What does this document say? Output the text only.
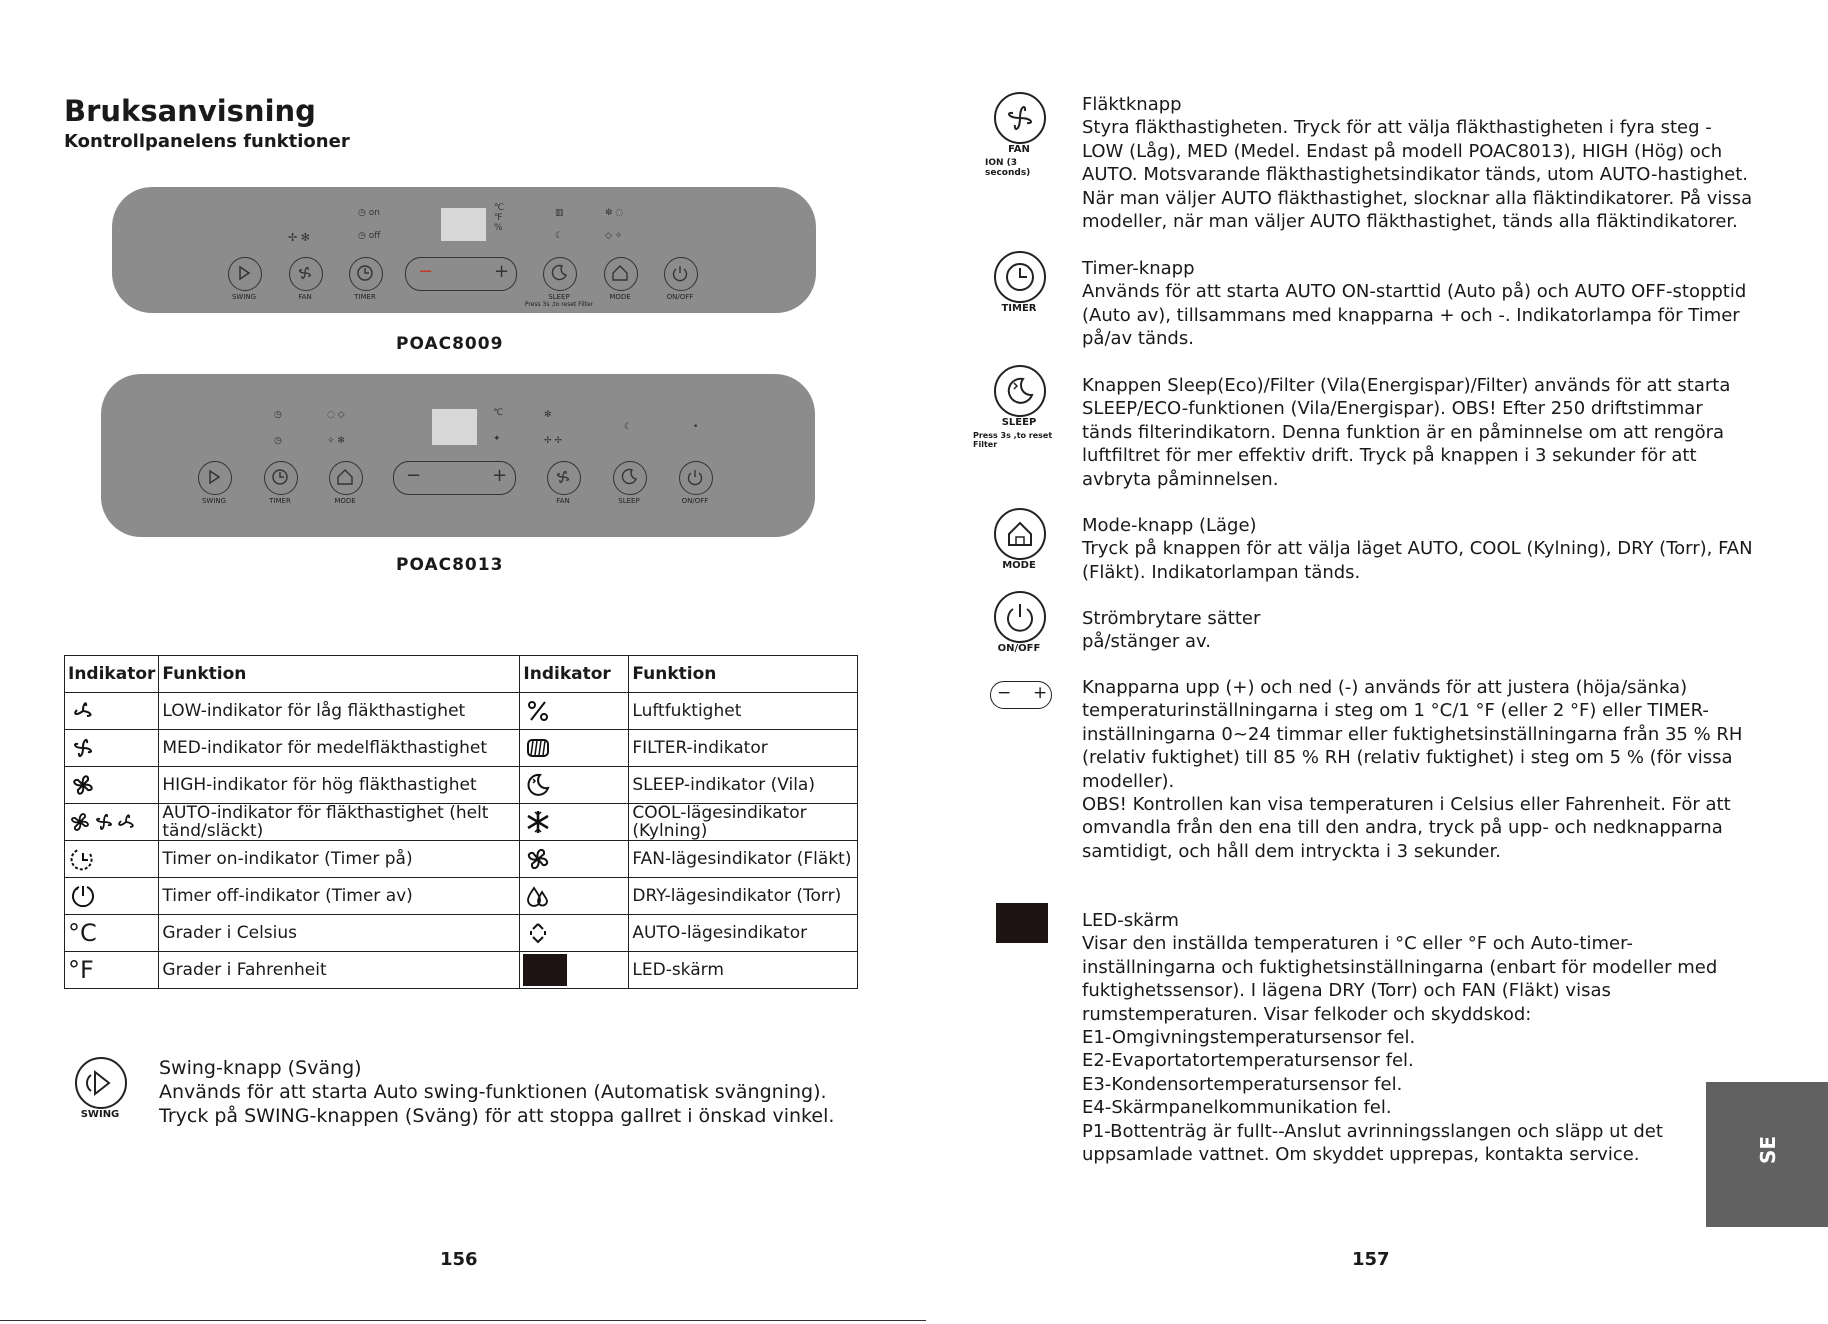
Bruksanvisning
Kontrollpanelens funktioner
◷ on
◷ off
✢ ✻
℃
℉
%
▥
☾
✼ ◌
◇ ✧
SWING	FAN	TIMER
−	+
SLEEP
Press 3s ,to reset Filter
MODE	ON/OFF
POAC8009
◷
◷
◌ ◇
✧ ✻
℃
✦
✻
✢ ✢
☾	•
SWING	TIMER	MODE
−	+
FAN	SLEEP	ON/OFF
POAC8013
Indikator	Funktion	Indikator	Funktion

	LOW-indikator för låg fläkthastighet		Luftfuktighet

	MED-indikator för medelfläkthastighet		FILTER-indikator

	HIGH-indikator för hög fläkthastighet		SLEEP-indikator (Vila)

	AUTO-indikator för fläkthastighet (helt tänd/släckt)		COOL-lägesindikator (Kylning)

	Timer on-indikator (Timer på)		FAN-lägesindikator (Fläkt)

	Timer off-indikator (Timer av)		DRY-lägesindikator (Torr)
°C	Grader i Celsius		AUTO-lägesindikator
°F	Grader i Fahrenheit		LED-skärm
SWING
Swing-knapp (Sväng)
Används för att starta Auto swing-funktionen (Automatisk svängning).
Tryck på SWING-knappen (Sväng) för att stoppa gallret i önskad vinkel.
156
FAN
ION (3 seconds)
Fläktknapp
Styra fläkthastigheten. Tryck för att välja fläkthastigheten i fyra steg -
LOW (Låg), MED (Medel. Endast på modell POAC8013), HIGH (Hög) och
AUTO. Motsvarande fläkthastighetsindikator tänds, utom AUTO-hastighet.
När man väljer AUTO fläkthastighet, slocknar alla fläktindikatorer. På vissa
modeller, när man väljer AUTO fläkthastighet, tänds alla fläktindikatorer.
TIMER
Timer-knapp
Används för att starta AUTO ON-starttid (Auto på) och AUTO OFF-stopptid
(Auto av), tillsammans med knapparna + och -. Indikatorlampa för Timer
på/av tänds.
SLEEP
Press 3s ,to reset Filter
Knappen Sleep(Eco)/Filter (Vila(Energispar)/Filter) används för att starta
SLEEP/ECO-funktionen (Vila/Energispar). OBS! Efter 250 driftstimmar
tänds filterindikatorn. Denna funktion är en påminnelse om att rengöra
luftfiltret för mer effektiv drift. Tryck på knappen i 3 sekunder för att
avbryta påminnelsen.
MODE
Mode-knapp (Läge)
Tryck på knappen för att välja läget AUTO, COOL (Kylning), DRY (Torr), FAN
(Fläkt). Indikatorlampan tänds.
ON/OFF
Strömbrytare sätter
på/stänger av.
− + Knapparna upp (+) och ned (-) används för att justera (höja/sänka)
temperaturinställningarna i steg om 1 °C/1 °F (eller 2 °F) eller TIMER-
inställningarna 0~24 timmar eller fuktighetsinställningarna från 35 % RH
(relativ fuktighet) till 85 % RH (relativ fuktighet) i steg om 5 % (för vissa
modeller).
OBS! Kontrollen kan visa temperaturen i Celsius eller Fahrenheit. För att
omvandla från den ena till den andra, tryck på upp- och nedknapparna
samtidigt, och håll dem intryckta i 3 sekunder.
LED-skärm
Visar den inställda temperaturen i °C eller °F och Auto-timer-
inställningarna och fuktighetsinställningarna (enbart för modeller med
fuktighetssensor). I lägena DRY (Torr) och FAN (Fläkt) visas
rumstemperaturen. Visar felkoder och skyddskod:
E1-Omgivningstemperatursensor fel.
E2-Evaportatortemperatursensor fel.
E3-Kondensortemperatursensor fel.
E4-Skärmpanelkommunikation fel.
P1-Bottenträg är fullt--Anslut avrinningsslangen och släpp ut det
uppsamlade vattnet. Om skyddet upprepas, kontakta service.
157
SE
